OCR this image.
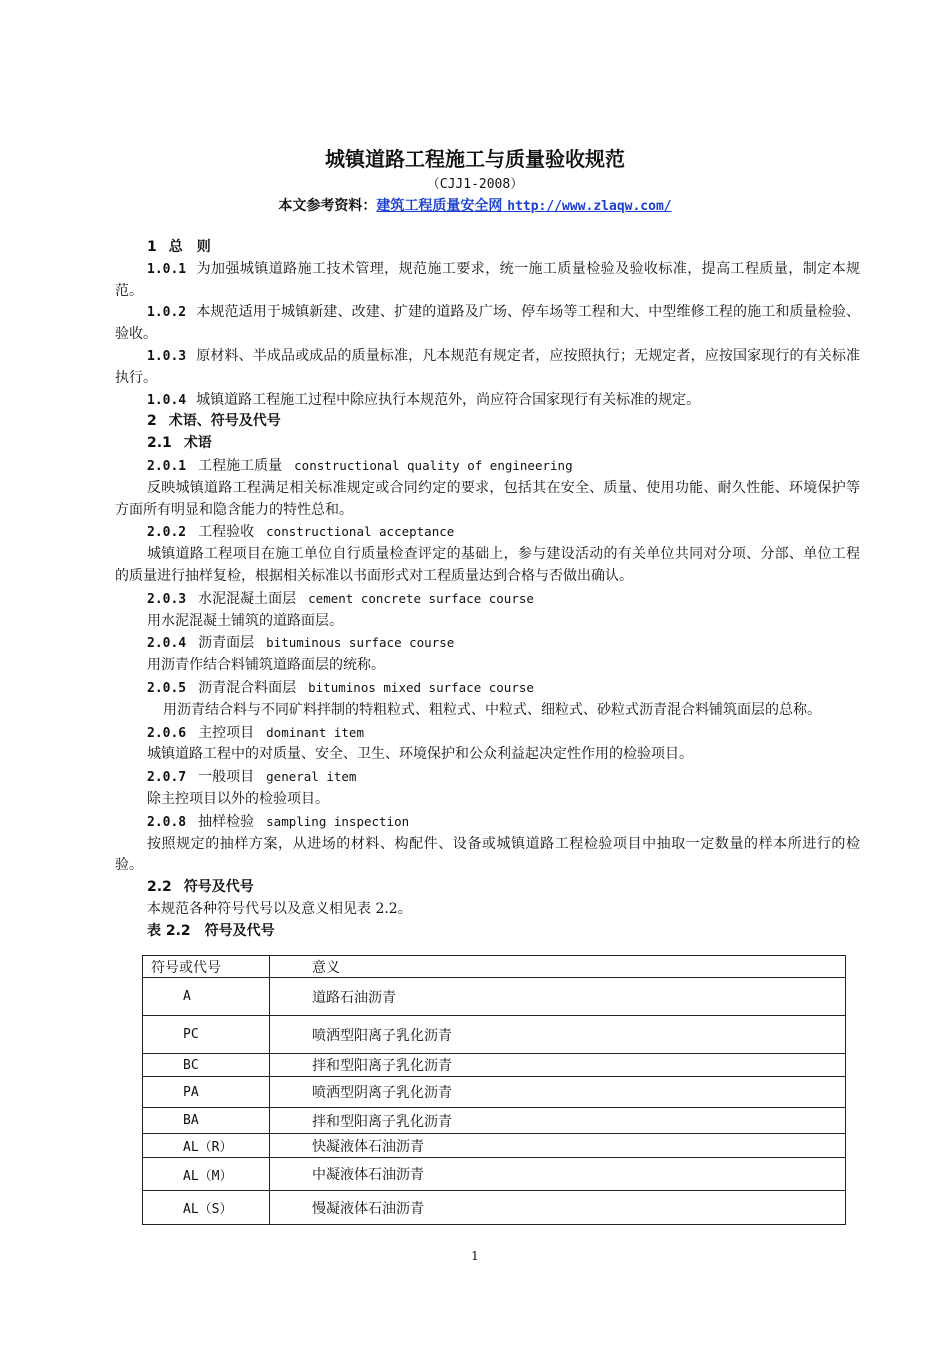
城镇道路工程施工与质量验收规范
（CJJ1-2008）
本文参考资料：建筑工程质量安全网 http://www.zlaqw.com/

1 总　则

1.0.1 为加强城镇道路施工技术管理，规范施工要求，统一施工质量检验及验收标准，提高工程质量，制定本规范。

1.0.2 本规范适用于城镇新建、改建、扩建的道路及广场、停车场等工程和大、中型维修工程的施工和质量检验、验收。

1.0.3 原材料、半成品或成品的质量标准，凡本规范有规定者，应按照执行；无规定者，应按国家现行的有关标准执行。

1.0.4 城镇道路工程施工过程中除应执行本规范外，尚应符合国家现行有关标准的规定。

2 术语、符号及代号

2.1 术语

2.0.1 工程施工质量 constructional quality of engineering

反映城镇道路工程满足相关标准规定或合同约定的要求，包括其在安全、质量、使用功能、耐久性能、环境保护等方面所有明显和隐含能力的特性总和。

2.0.2 工程验收 constructional acceptance

城镇道路工程项目在施工单位自行质量检查评定的基础上，参与建设活动的有关单位共同对分项、分部、单位工程的质量进行抽样复检，根据相关标准以书面形式对工程质量达到合格与否做出确认。

2.0.3 水泥混凝土面层 cement concrete surface course

用水泥混凝土铺筑的道路面层。

2.0.4 沥青面层 bituminous surface course

用沥青作结合料铺筑道路面层的统称。

2.0.5 沥青混合料面层 bituminos mixed surface course

用沥青结合料与不同矿料拌制的特粗粒式、粗粒式、中粒式、细粒式、砂粒式沥青混合料铺筑面层的总称。

2.0.6 主控项目 dominant item

城镇道路工程中的对质量、安全、卫生、环境保护和公众利益起决定性作用的检验项目。

2.0.7 一般项目 general item

除主控项目以外的检验项目。

2.0.8 抽样检验 sampling inspection

按照规定的抽样方案，从进场的材料、构配件、设备或城镇道路工程检验项目中抽取一定数量的样本所进行的检验。

2.2 符号及代号

本规范各种符号代号以及意义相见表 2.2。

表 2.2　符号及代号

符号或代号	意义
A	道路石油沥青
PC	喷洒型阳离子乳化沥青
BC	拌和型阳离子乳化沥青
PA	喷洒型阴离子乳化沥青
BA	拌和型阳离子乳化沥青
AL（R）	快凝液体石油沥青
AL（M）	中凝液体石油沥青
AL（S）	慢凝液体石油沥青
1
